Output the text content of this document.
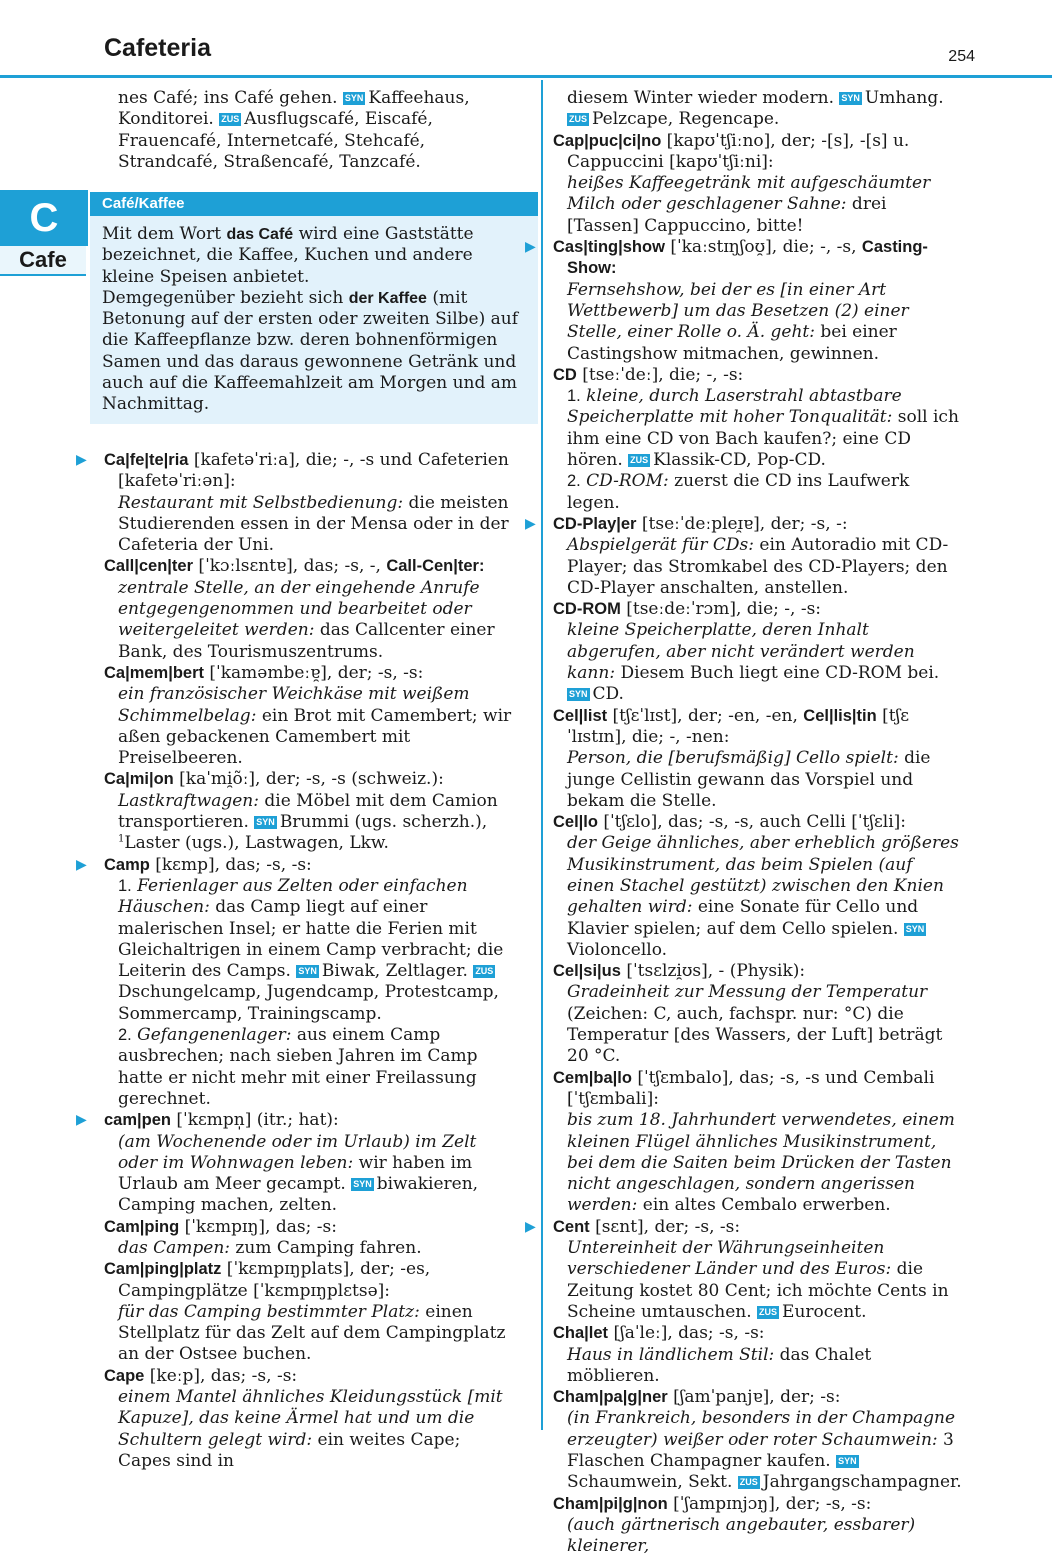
Cafeteria	254
C
Cafe

nes Café; ins Café gehen. SYN Kaffeehaus, Konditorei. ZUS Ausflugscafé, Eiscafé, Frauencafé, Internetcafé, Stehcafé, Strandcafé, Straßencafé, Tanzcafé.

Café/Kaffee

Mit dem Wort das Café wird eine Gaststätte bezeichnet, die Kaffee, Kuchen und andere kleine Speisen anbietet.

Demgegenüber bezieht sich der Kaffee (mit Betonung auf der ersten oder zweiten Silbe) auf die Kaffeepflanze bzw. deren bohnenförmigen Samen und das daraus gewonnene Getränk und auch auf die Kaffeemahlzeit am Morgen und am Nachmittag.

▶ Ca|fe|te|ria [kafetəˈriːa], die; -, -s und Cafeterien [kafetəˈriːən]:
Restaurant mit Selbstbedienung: die meisten Studierenden essen in der Mensa oder in der Cafeteria der Uni.

Call|cen|ter [ˈkɔːlsɛntɐ], das; -s, -, Call-Cen|ter:
zentrale Stelle, an der eingehende Anrufe entgegengenommen und bearbeitet oder weitergeleitet werden: das Callcenter einer Bank, des Tourismuszentrums.

Ca|mem|bert [ˈkaməmbeːɐ̯], der; -s, -s:
ein französischer Weichkäse mit weißem Schimmelbelag: ein Brot mit Camembert; wir aßen gebackenen Camembert mit Preiselbeeren.

Ca|mi|on [kaˈmi̯õː], der; -s, -s (schweiz.):
Lastkraftwagen: die Möbel mit dem Camion transportieren. SYN Brummi (ugs. scherzh.), $^1$Laster (ugs.), Lastwagen, Lkw.

▶ Camp [kɛmp], das; -s, -s:
1. Ferienlager aus Zelten oder einfachen Häuschen: das Camp liegt auf einer malerischen Insel; er hatte die Ferien mit Gleichaltrigen in einem Camp verbracht; die Leiterin des Camps. SYN Biwak, Zeltlager. ZUSDschungelcamp, Jugendcamp, Protestcamp, Sommercamp, Trainingscamp.
2. Gefangenenlager: aus einem Camp ausbrechen; nach sieben Jahren im Camp hatte er nicht mehr mit einer Freilassung gerechnet.

▶ cam|pen [ˈkɛmpn̩] (itr.; hat):
(am Wochenende oder im Urlaub) im Zelt oder im Wohnwagen leben: wir haben im Urlaub am Meer gecampt. SYN biwakieren, Camping machen, zelten.

Cam|ping [ˈkɛmpɪŋ], das; -s:
das Campen: zum Camping fahren.

Cam|ping|platz [ˈkɛmpɪŋplats], der; -es, Campingplätze [ˈkɛmpɪŋplɛtsə]:
für das Camping bestimmter Platz: einen Stellplatz für das Zelt auf dem Campingplatz an der Ostsee buchen.

Cape [keːp], das; -s, -s:
einem Mantel ähnliches Kleidungsstück [mit Kapuze], das keine Ärmel hat und um die Schultern gelegt wird: ein weites Cape; Capes sind in

diesem Winter wieder modern. SYN Umhang.
ZUS Pelzcape, Regencape.

Cap|puc|ci|no [kapʊˈtʃiːno], der; -[s], -[s] u. Cappuccini [kapʊˈtʃiːni]:
heißes Kaffeegetränk mit aufgeschäumter Milch oder geschlagener Sahne: drei [Tassen] Cappuccino, bitte!

Cas|ting|show [ˈkaːstɪŋʃoʊ̯], die; -, -s, Casting-Show:
Fernsehshow, bei der es [in einer Art Wettbewerb] um das Besetzen (2) einer Stelle, einer Rolle o. Ä. geht: bei einer Castingshow mitmachen, gewinnen.

CD [tseːˈdeː], die; -, -s:
1. kleine, durch Laserstrahl abtastbare Speicherplatte mit hoher Tonqualität: soll ich ihm eine CD von Bach kaufen?; eine CD hören. ZUS Klassik-CD, Pop-CD.
2. CD-ROM: zuerst die CD ins Laufwerk legen.

▶ CD-Play|er [tseːˈdeːpleɪ̯ɐ], der; -s, -:
Abspielgerät für CDs: ein Autoradio mit CD-Player; das Stromkabel des CD-Players; den CD-Player anschalten, anstellen.

CD-ROM [tseːdeːˈrɔm], die; -, -s:
kleine Speicherplatte, deren Inhalt abgerufen, aber nicht verändert werden kann: Diesem Buch liegt eine CD-ROM bei. SYN CD.

Cel|list [tʃɛˈlɪst], der; -en, -en, Cel|lis|tin [tʃɛˈlɪstɪn], die; -, -nen:
Person, die [berufsmäßig] Cello spielt: die junge Cellistin gewann das Vorspiel und bekam die Stelle.

Cel|lo [ˈtʃɛlo], das; -s, -s, auch Celli [ˈtʃɛli]:
der Geige ähnliches, aber erheblich größeres Musikinstrument, das beim Spielen (auf einen Stachel gestützt) zwischen den Knien gehalten wird: eine Sonate für Cello und Klavier spielen; auf dem Cello spielen. SYNVioloncello.

Cel|si|us [ˈtsɛlzi̯ʊs], - (Physik):
Gradeinheit zur Messung der Temperatur (Zeichen: C, auch, fachspr. nur: °C) die Temperatur [des Wassers, der Luft] beträgt 20 °C.

Cem|ba|lo [ˈtʃɛmbalo], das; -s, -s und Cembali [ˈtʃɛmbali]:
bis zum 18. Jahrhundert verwendetes, einem kleinen Flügel ähnliches Musikinstrument, bei dem die Saiten beim Drücken der Tasten nicht angeschlagen, sondern angerissen werden: ein altes Cembalo erwerben.

▶ Cent [sɛnt], der; -s, -s:
Untereinheit der Währungseinheiten verschiedener Länder und des Euros: die Zeitung kostet 80 Cent; ich möchte Cents in Scheine umtauschen. ZUS Eurocent.

Cha|let [ʃaˈleː], das; -s, -s:
Haus in ländlichem Stil: das Chalet möblieren.

Cham|pa|g|ner [ʃamˈpanjɐ], der; -s:
(in Frankreich, besonders in der Champagne erzeugter) weißer oder roter Schaumwein: 3 Flaschen Champagner kaufen. SYNSchaumwein, Sekt. ZUS Jahrgangschampagner.

Cham|pi|g|non [ˈʃampɪnjɔŋ], der; -s, -s:
(auch gärtnerisch angebauter, essbarer) kleinerer,
